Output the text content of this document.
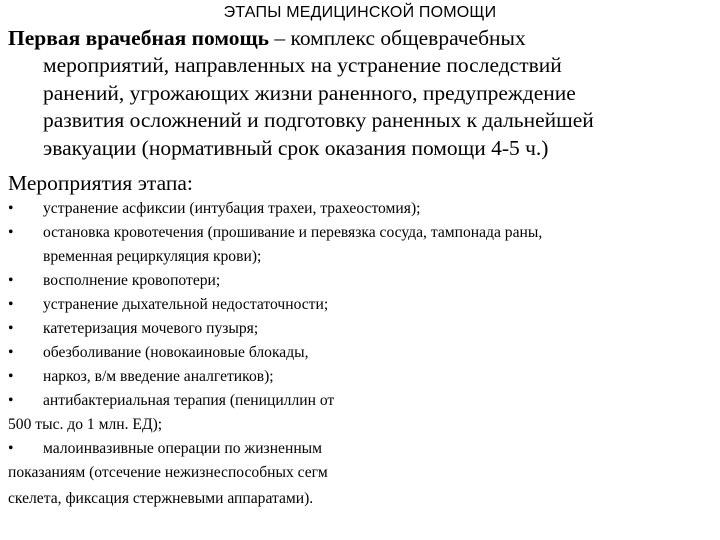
ЭТАПЫ МЕДИЦИНСКОЙ ПОМОЩИ
Первая врачебная помощь – комплекс общеврачебных
мероприятий, направленных на устранение последствий
ранений, угрожающих жизни раненного, предупреждение
развития осложнений и подготовку раненных к дальнейшей
эвакуации (нормативный срок оказания помощи 4-5 ч.)
Мероприятия этапа:
•	устранение асфиксии (интубация трахеи, трахеостомия);
•	остановка кровотечения (прошивание и перевязка сосуда, тампонада раны,
временная рециркуляция крови);
•	восполнение кровопотери;
•	устранение дыхательной недостаточности;
•	катетеризация мочевого пузыря;
•	обезболивание (новокаиновые блокады,
•	наркоз, в/м введение аналгетиков);
•	антибактериальная терапия (пенициллин от
500 тыс. до 1 млн. ЕД);
•	малоинвазивные операции по жизненным
показаниям (отсечение нежизнеспособных сегм
скелета, фиксация стержневыми аппаратами).
